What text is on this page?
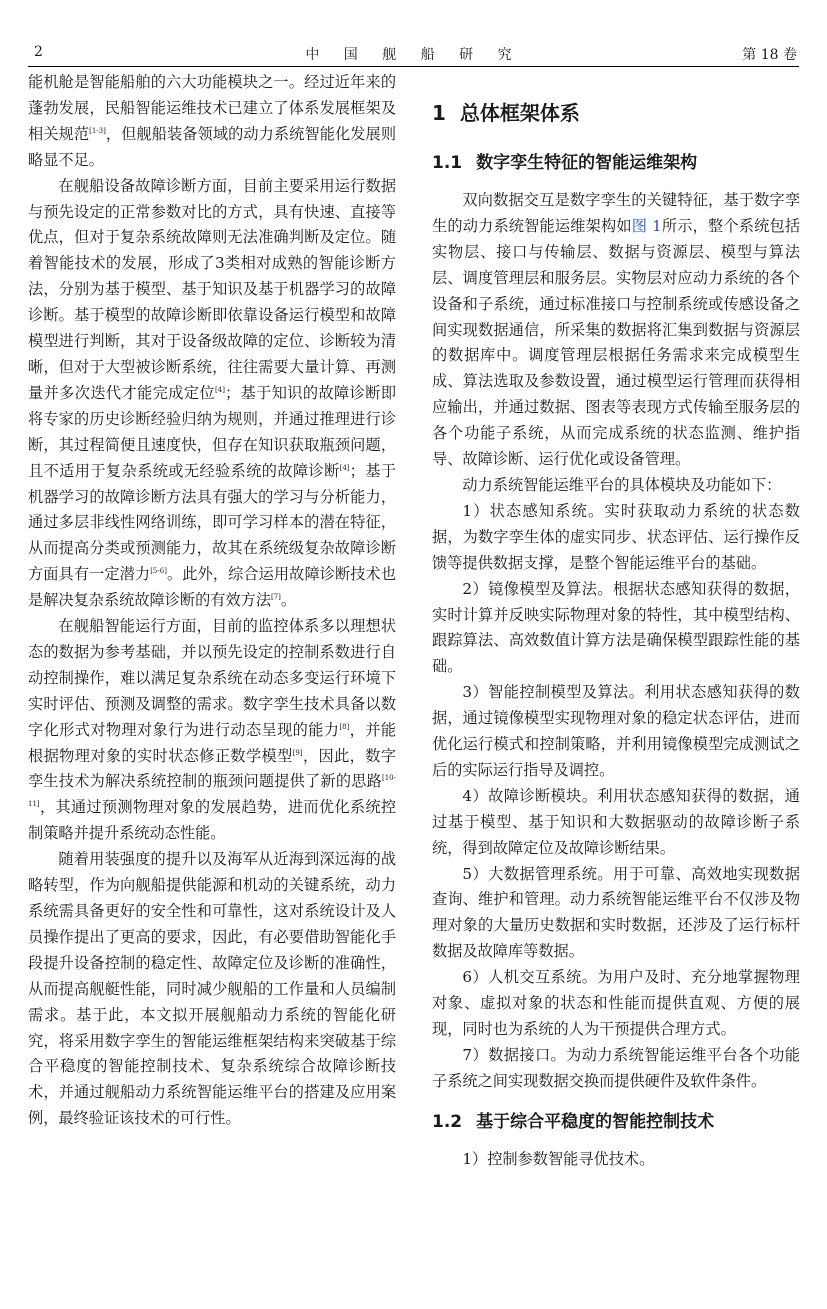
2	中 国 舰 船 研 究	第 18 卷

能机舱是智能船舶的六大功能模块之一。经过近年来的蓬勃发展，民船智能运维技术已建立了体系发展框架及相关规范[1-3]，但舰船装备领域的动力系统智能化发展则略显不足。

在舰船设备故障诊断方面，目前主要采用运行数据与预先设定的正常参数对比的方式，具有快速、直接等优点，但对于复杂系统故障则无法准确判断及定位。随着智能技术的发展，形成了3类相对成熟的智能诊断方法，分别为基于模型、基于知识及基于机器学习的故障诊断。基于模型的故障诊断即依靠设备运行模型和故障模型进行判断，其对于设备级故障的定位、诊断较为清晰，但对于大型被诊断系统，往往需要大量计算、再测量并多次迭代才能完成定位[4]；基于知识的故障诊断即将专家的历史诊断经验归纳为规则，并通过推理进行诊断，其过程简便且速度快，但存在知识获取瓶颈问题，且不适用于复杂系统或无经验系统的故障诊断[4]；基于机器学习的故障诊断方法具有强大的学习与分析能力，通过多层非线性网络训练，即可学习样本的潜在特征，从而提高分类或预测能力，故其在系统级复杂故障诊断方面具有一定潜力[5-6]。此外，综合运用故障诊断技术也是解决复杂系统故障诊断的有效方法[7]。

在舰船智能运行方面，目前的监控体系多以理想状态的数据为参考基础，并以预先设定的控制系数进行自动控制操作，难以满足复杂系统在动态多变运行环境下实时评估、预测及调整的需求。数字孪生技术具备以数字化形式对物理对象行为进行动态呈现的能力[8]，并能根据物理对象的实时状态修正数学模型[9]，因此，数字孪生技术为解决系统控制的瓶颈问题提供了新的思路[10-11]，其通过预测物理对象的发展趋势，进而优化系统控制策略并提升系统动态性能。

随着用装强度的提升以及海军从近海到深远海的战略转型，作为向舰船提供能源和机动的关键系统，动力系统需具备更好的安全性和可靠性，这对系统设计及人员操作提出了更高的要求，因此，有必要借助智能化手段提升设备控制的稳定性、故障定位及诊断的准确性，从而提高舰艇性能，同时减少舰船的工作量和人员编制需求。基于此，本文拟开展舰船动力系统的智能化研究，将采用数字孪生的智能运维框架结构来突破基于综合平稳度的智能控制技术、复杂系统综合故障诊断技术，并通过舰船动力系统智能运维平台的搭建及应用案例，最终验证该技术的可行性。

1 总体框架体系
1.1 数字孪生特征的智能运维架构

双向数据交互是数字孪生的关键特征，基于数字孪生的动力系统智能运维架构如图 1所示，整个系统包括实物层、接口与传输层、数据与资源层、模型与算法层、调度管理层和服务层。实物层对应动力系统的各个设备和子系统，通过标准接口与控制系统或传感设备之间实现数据通信，所采集的数据将汇集到数据与资源层的数据库中。调度管理层根据任务需求来完成模型生成、算法选取及参数设置，通过模型运行管理而获得相应输出，并通过数据、图表等表现方式传输至服务层的各个功能子系统，从而完成系统的状态监测、维护指导、故障诊断、运行优化或设备管理。

动力系统智能运维平台的具体模块及功能如下：

1）状态感知系统。实时获取动力系统的状态数据，为数字孪生体的虚实同步、状态评估、运行操作反馈等提供数据支撑，是整个智能运维平台的基础。

2）镜像模型及算法。根据状态感知获得的数据，实时计算并反映实际物理对象的特性，其中模型结构、跟踪算法、高效数值计算方法是确保模型跟踪性能的基础。

3）智能控制模型及算法。利用状态感知获得的数据，通过镜像模型实现物理对象的稳定状态评估，进而优化运行模式和控制策略，并利用镜像模型完成测试之后的实际运行指导及调控。

4）故障诊断模块。利用状态感知获得的数据，通过基于模型、基于知识和大数据驱动的故障诊断子系统，得到故障定位及故障诊断结果。

5）大数据管理系统。用于可靠、高效地实现数据查询、维护和管理。动力系统智能运维平台不仅涉及物理对象的大量历史数据和实时数据，还涉及了运行标杆数据及故障库等数据。

6）人机交互系统。为用户及时、充分地掌握物理对象、虚拟对象的状态和性能而提供直观、方便的展现，同时也为系统的人为干预提供合理方式。

7）数据接口。为动力系统智能运维平台各个功能子系统之间实现数据交换而提供硬件及软件条件。

1.2 基于综合平稳度的智能控制技术

1）控制参数智能寻优技术。
